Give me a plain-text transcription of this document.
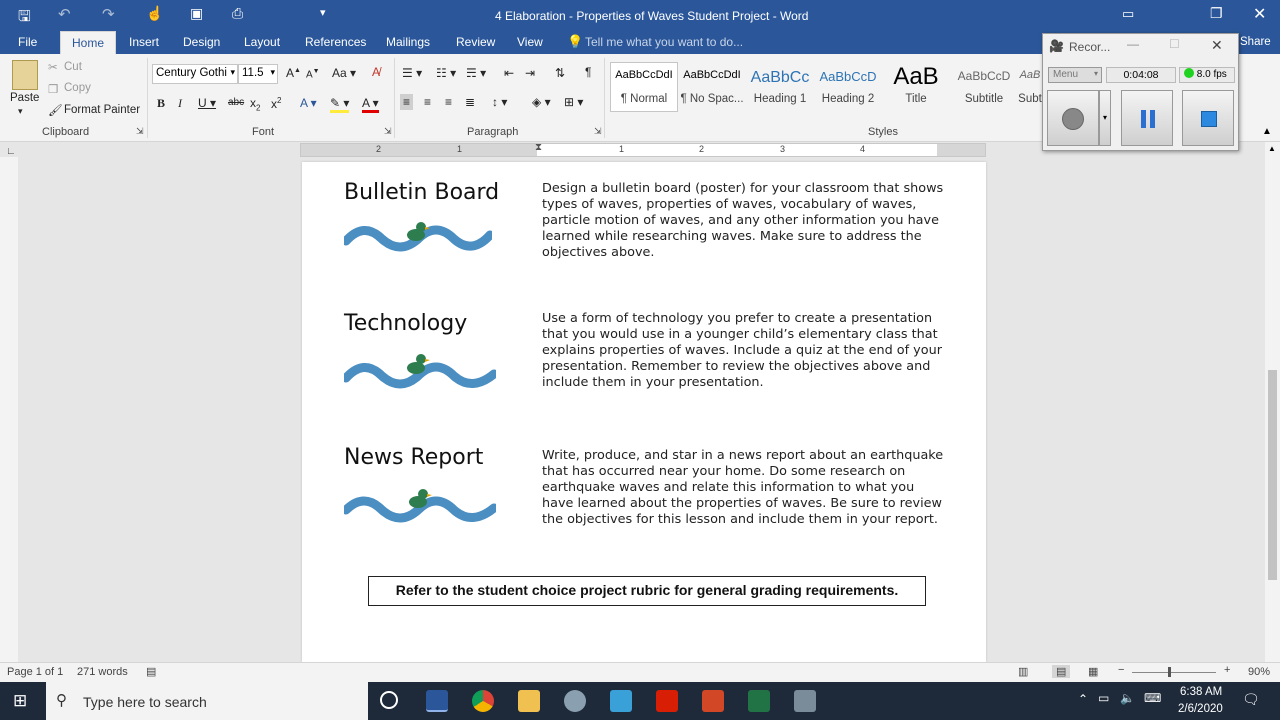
🖫 ↶ ↷ ☝ ▣ ⎙	▾	4 Elaboration - Properties of Waves Student Project - Word	▭	❐ ✕
File	Home	Insert Design Layout References Mailings Review View 💡 Tell me what you want to do...
Paste
▾
✂ Cut
❐ Copy
🖌 Format Painter
Clipboard	⇲
Century Gothi ▾ 11.5 ▾ A▲ A▼ Aa ▾ A̸
B I U ▾ abc $x_2$ $x^2$ A ▾ ✎ ▾ A ▾
Font	⇲
☰ ▾ ☷ ▾ ☴ ▾ ⇤ ⇥ ⇅ ¶
≡ ≡ ≡ ≣ ↕ ▾ ◈ ▾ ⊞ ▾
Paragraph	⇲
AaBbCcDdI
¶ Normal
AaBbCcDdI
¶ No Spac...
AaBbCc
Heading 1
AaBbCcD
Heading 2
AaB
Title
AaBbCcD
Subtitle
AaB
Subt
Styles	▲
2	1	⧗	1	2	3	4
∟
Bulletin Board	Design a bulletin board (poster) for your classroom that shows types of waves, properties of waves, vocabulary of waves, particle motion of waves, and any other information you have learned while researching waves. Make sure to address the objectives above.

Technology	Use a form of technology you prefer to create a presentation that you would use in a younger child’s elementary class that explains properties of waves. Include a quiz at the end of your presentation. Remember to review the objectives above and include them in your presentation.

News Report	Write, produce, and star in a news report about an earthquake that has occurred near your home. Do some research on earthquake waves and relate this information to what you have learned about the properties of waves. Be sure to review the objectives for this lesson and include them in your report.

Refer to the student choice project rubric for general grading requirements.
▲
Page 1 of 1 271 words ▤	▥	▤	▦ −	+ 90%
🎥 Recor... —	☐ ✕
Menu ▾	0:04:08	8.0 fps
▾
Share
⊞ ⚲ Type here to search	⌃ ▭ 🔈 ⌨ 6:38 AM
2/6/2020
🗨
